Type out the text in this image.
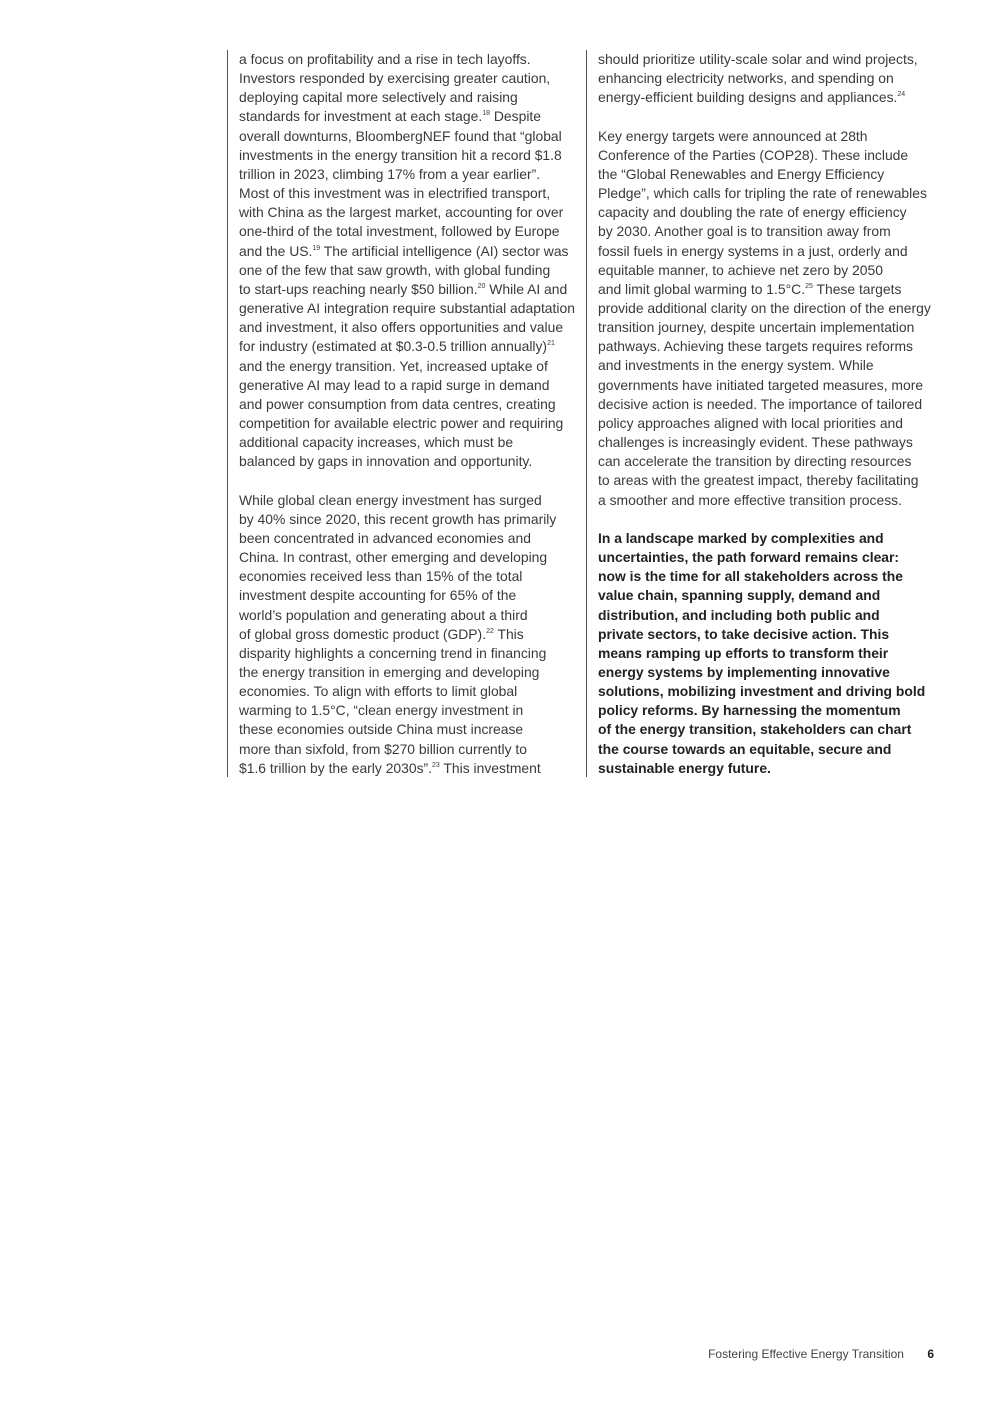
a focus on profitability and a rise in tech layoffs.
Investors responded by exercising greater caution,
deploying capital more selectively and raising
standards for investment at each stage.$^{18}$ Despite
overall downturns, BloombergNEF found that “global
investments in the energy transition hit a record $1.8
trillion in 2023, climbing 17% from a year earlier”.
Most of this investment was in electrified transport,
with China as the largest market, accounting for over
one-third of the total investment, followed by Europe
and the US.$^{19}$ The artificial intelligence (AI) sector was
one of the few that saw growth, with global funding
to start-ups reaching nearly $50 billion.$^{20}$ While AI and
generative AI integration require substantial adaptation
and investment, it also offers opportunities and value
for industry (estimated at $0.3-0.5 trillion annually)$^{21}$
and the energy transition. Yet, increased uptake of
generative AI may lead to a rapid surge in demand
and power consumption from data centres, creating
competition for available electric power and requiring
additional capacity increases, which must be
balanced by gaps in innovation and opportunity.

While global clean energy investment has surged
by 40% since 2020, this recent growth has primarily
been concentrated in advanced economies and
China. In contrast, other emerging and developing
economies received less than 15% of the total
investment despite accounting for 65% of the
world’s population and generating about a third
of global gross domestic product (GDP).$^{22}$ This
disparity highlights a concerning trend in financing
the energy transition in emerging and developing
economies. To align with efforts to limit global
warming to 1.5°C, “clean energy investment in
these economies outside China must increase
more than sixfold, from $270 billion currently to
$1.6 trillion by the early 2030s”.$^{23}$ This investment

should prioritize utility-scale solar and wind projects,
enhancing electricity networks, and spending on
energy-efficient building designs and appliances.$^{24}$

Key energy targets were announced at 28th
Conference of the Parties (COP28). These include
the “Global Renewables and Energy Efficiency
Pledge”, which calls for tripling the rate of renewables
capacity and doubling the rate of energy efficiency
by 2030. Another goal is to transition away from
fossil fuels in energy systems in a just, orderly and
equitable manner, to achieve net zero by 2050
and limit global warming to 1.5°C.$^{25}$ These targets
provide additional clarity on the direction of the energy
transition journey, despite uncertain implementation
pathways. Achieving these targets requires reforms
and investments in the energy system. While
governments have initiated targeted measures, more
decisive action is needed. The importance of tailored
policy approaches aligned with local priorities and
challenges is increasingly evident. These pathways
can accelerate the transition by directing resources
to areas with the greatest impact, thereby facilitating
a smoother and more effective transition process.

In a landscape marked by complexities and
uncertainties, the path forward remains clear:
now is the time for all stakeholders across the
value chain, spanning supply, demand and
distribution, and including both public and
private sectors, to take decisive action. This
means ramping up efforts to transform their
energy systems by implementing innovative
solutions, mobilizing investment and driving bold
policy reforms. By harnessing the momentum
of the energy transition, stakeholders can chart
the course towards an equitable, secure and
sustainable energy future.

Fostering Effective Energy Transition 6
